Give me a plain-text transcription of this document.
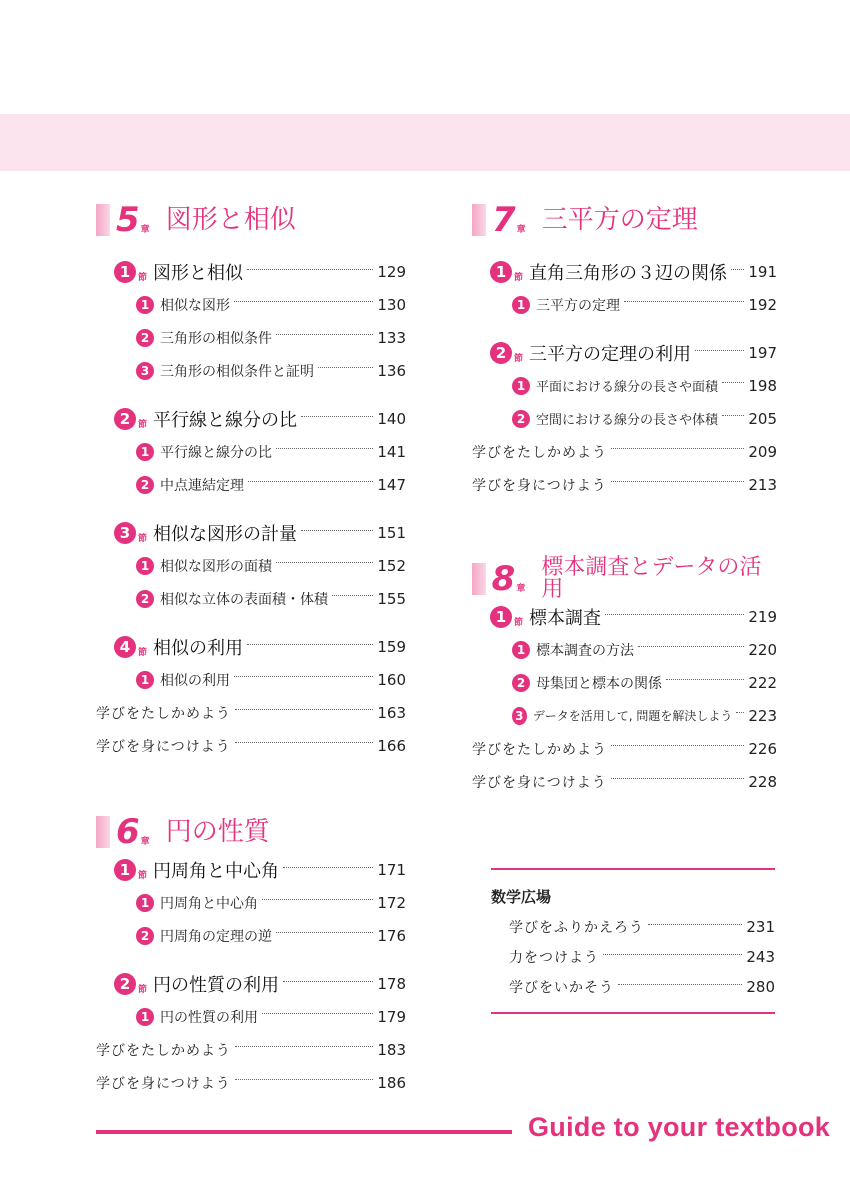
5 章 図形と相似
1 節 図形と相似	129
1 相似な図形	130
2 三角形の相似条件	133
3 三角形の相似条件と証明	136
2 節 平行線と線分の比	140
1 平行線と線分の比	141
2 中点連結定理	147
3 節 相似な図形の計量	151
1 相似な図形の面積	152
2 相似な立体の表面積・体積	155
4 節 相似の利用	159
1 相似の利用	160
学びをたしかめよう	163
学びを身につけよう	166
6 章 円の性質
1 節 円周角と中心角	171
1 円周角と中心角	172
2 円周角の定理の逆	176
2 節 円の性質の利用	178
1 円の性質の利用	179
学びをたしかめよう	183
学びを身につけよう	186
7 章 三平方の定理
1 節 直角三角形の３辺の関係 191
1 三平方の定理	192
2 節 三平方の定理の利用	197
1 平面における線分の長さや面積 198
2 空間における線分の長さや体積 205
学びをたしかめよう	209
学びを身につけよう	213
8 章
標本調査とデータの活用
1 節 標本調査	219
1 標本調査の方法	220
2 母集団と標本の関係	222
3 データを活用して, 問題を解決しよう 223
学びをたしかめよう	226
学びを身につけよう	228
数学広場
学びをふりかえろう	231
力をつけよう	243
学びをいかそう	280
Guide to your textbook
